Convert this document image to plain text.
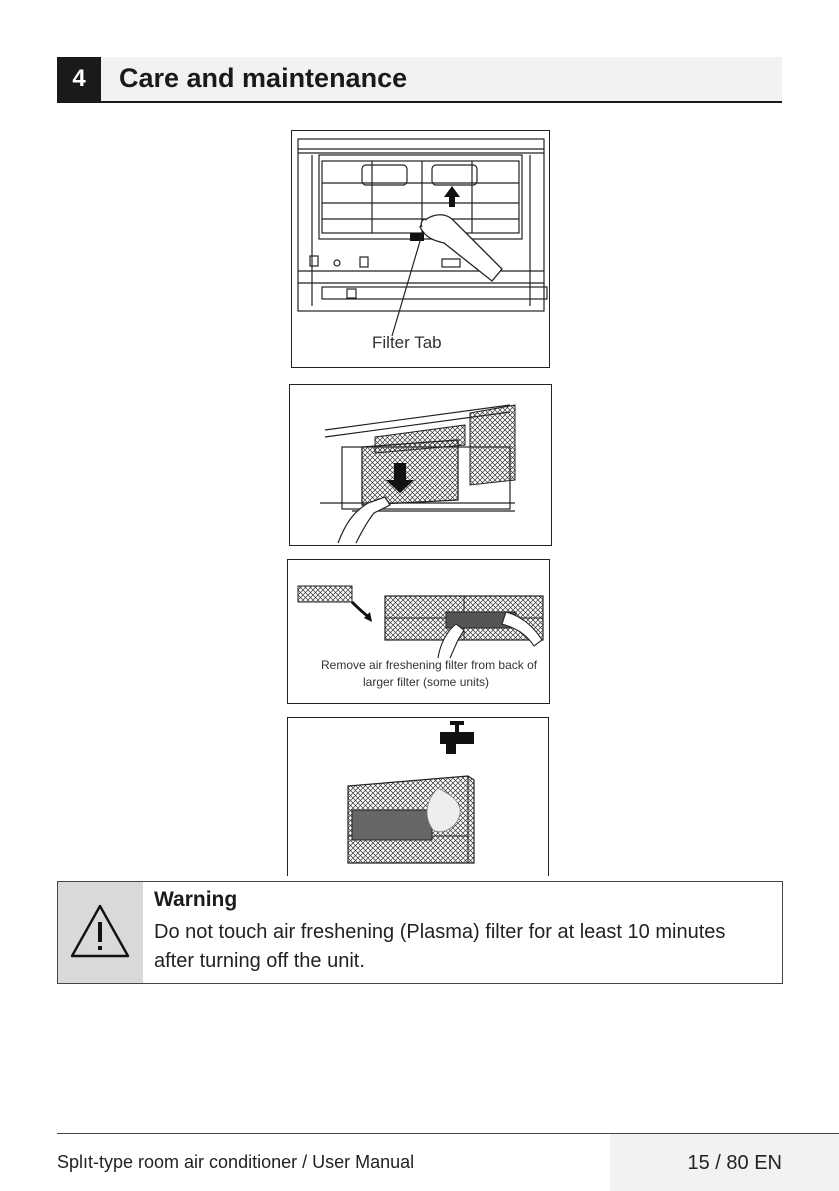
4	Care and maintenance
Filter Tab
Remove air freshening filter from back of
larger filter (some units)
Warning
Do not touch air freshening (Plasma) filter for at least 10 minutes after turning off the unit.
Splıt-type room air conditioner / User Manual	15 / 80 EN
